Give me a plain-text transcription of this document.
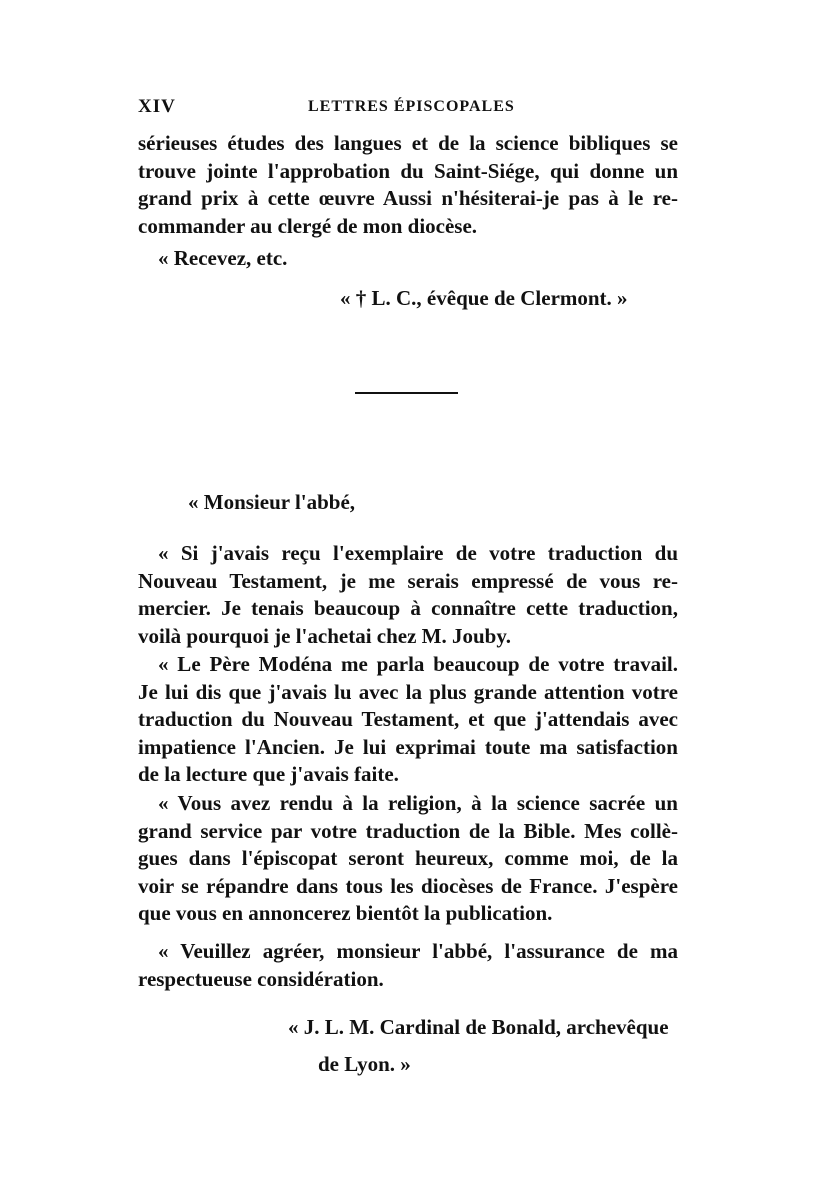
XIV	LETTRES ÉPISCOPALES
sérieuses études des langues et de la science bibliques se
trouve jointe l'approbation du Saint-Siége, qui donne un
grand prix à cette œuvre Aussi n'hésiterai-je pas à le re-
commander au clergé de mon diocèse.
« Recevez, etc.
« † L. C., évêque de Clermont. »
« Monsieur l'abbé,
« Si j'avais reçu l'exemplaire de votre traduction du
Nouveau Testament, je me serais empressé de vous re-
mercier. Je tenais beaucoup à connaître cette traduction,
voilà pourquoi je l'achetai chez M. Jouby.
« Le Père Modéna me parla beaucoup de votre travail.
Je lui dis que j'avais lu avec la plus grande attention votre
traduction du Nouveau Testament, et que j'attendais avec
impatience l'Ancien. Je lui exprimai toute ma satisfaction
de la lecture que j'avais faite.
« Vous avez rendu à la religion, à la science sacrée un
grand service par votre traduction de la Bible. Mes collè-
gues dans l'épiscopat seront heureux, comme moi, de la
voir se répandre dans tous les diocèses de France. J'espère
que vous en annoncerez bientôt la publication.
« Veuillez agréer, monsieur l'abbé, l'assurance de ma
respectueuse considération.
« J. L. M. Cardinal de Bonald, archevêque
de Lyon. »
